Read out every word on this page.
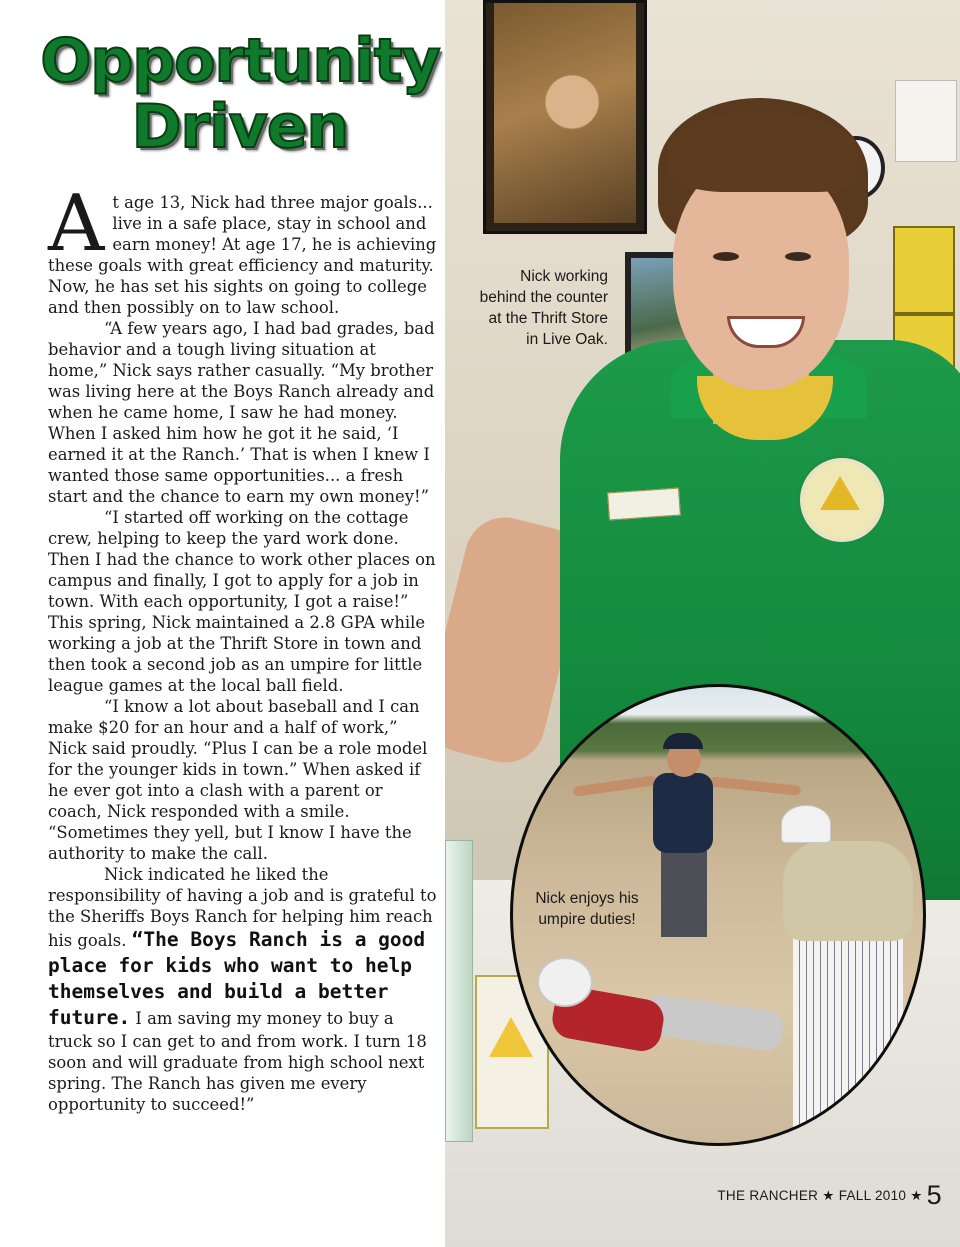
Opportunity
Driven

At age 13, Nick had three major goals... live in a safe place, stay in school and earn money! At age 17, he is achieving these goals with great efficiency and maturity. Now, he has set his sights on going to college and then possibly on to law school.

“A few years ago, I had bad grades, bad behavior and a tough living situation at home,” Nick says rather casually. “My brother was living here at the Boys Ranch already and when he came home, I saw he had money. When I asked him how he got it he said, ‘I earned it at the Ranch.’ That is when I knew I wanted those same opportunities... a fresh start and the chance to earn my own money!”

“I started off working on the cottage crew, helping to keep the yard work done. Then I had the chance to work other places on campus and finally, I got to apply for a job in town. With each opportunity, I got a raise!” This spring, Nick maintained a 2.8 GPA while working a job at the Thrift Store in town and then took a second job as an umpire for little league games at the local ball field.

“I know a lot about baseball and I can make $20 for an hour and a half of work,” Nick said proudly. “Plus I can be a role model for the younger kids in town.” When asked if he ever got into a clash with a parent or coach, Nick responded with a smile. “Sometimes they yell, but I know I have the authority to make the call.

Nick indicated he liked the responsibility of having a job and is grateful to the Sheriffs Boys Ranch for helping him reach his goals. “The Boys Ranch is a good place for kids who want to help themselves and build a better future. I am saving my money to buy a truck so I can get to and from work. I turn 18 soon and will graduate from high school next spring. The Ranch has given me every opportunity to succeed!”

Nick working behind the counter at the Thrift Store in Live Oak.

Nick enjoys his umpire duties!

THE RANCHER ★ FALL 2010 ★ 5
